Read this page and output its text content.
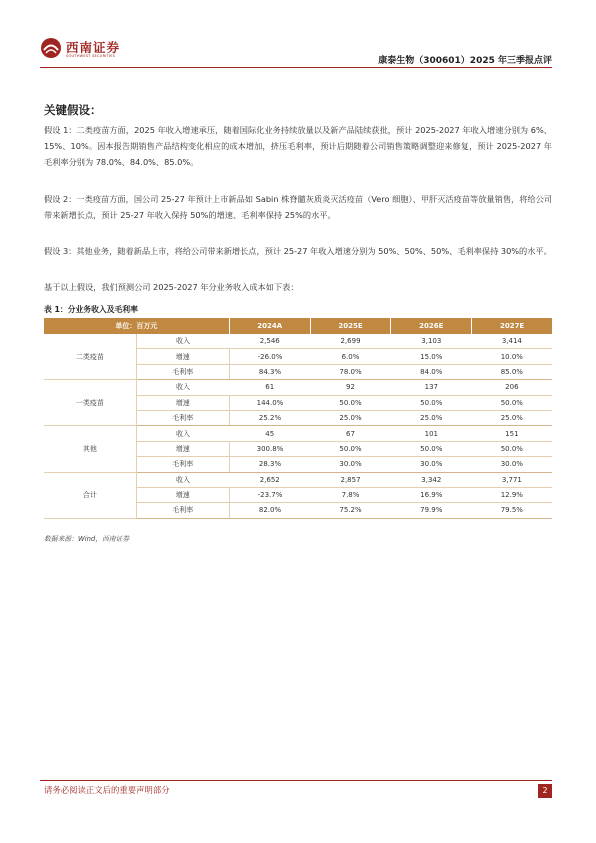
西南证券
SOUTHWEST SECURITIES	康泰生物（300601）2025 年三季报点评
关键假设：

假设 1：二类疫苗方面，2025 年收入增速承压，随着国际化业务持续放量以及新产品陆续获批，预计 2025-2027 年收入增速分别为 6%、15%、10%。因本报告期销售产品结构变化相应的成本增加，挤压毛利率，预计后期随着公司销售策略调整迎来修复，预计 2025-2027 年毛利率分别为 78.0%、84.0%、85.0%。

假设 2：一类疫苗方面，国公司 25-27 年预计上市新品如 Sabin 株脊髓灰质炎灭活疫苗（Vero 细胞）、甲肝灭活疫苗等放量销售，将给公司带来新增长点，预计 25-27 年收入保持 50%的增速、毛利率保持 25%的水平。

假设 3：其他业务，随着新品上市，将给公司带来新增长点，预计 25-27 年收入增速分别为 50%、50%、50%、毛利率保持 30%的水平。

基于以上假设，我们预测公司 2025-2027 年分业务收入成本如下表：

表 1：分业务收入及毛利率
单位：百万元		2024A	2025E	2026E	2027E
二类疫苗	收入	2,546	2,699	3,103	3,414
	增速	-26.0%	6.0%	15.0%	10.0%
	毛利率	84.3%	78.0%	84.0%	85.0%
一类疫苗	收入	61	92	137	206
	增速	144.0%	50.0%	50.0%	50.0%
	毛利率	25.2%	25.0%	25.0%	25.0%
其他	收入	45	67	101	151
	增速	300.8%	50.0%	50.0%	50.0%
	毛利率	28.3%	30.0%	30.0%	30.0%
合计	收入	2,652	2,857	3,342	3,771
	增速	-23.7%	7.8%	16.9%	12.9%
	毛利率	82.0%	75.2%	79.9%	79.5%
数据来源：Wind，西南证券
请务必阅读正文后的重要声明部分	2
